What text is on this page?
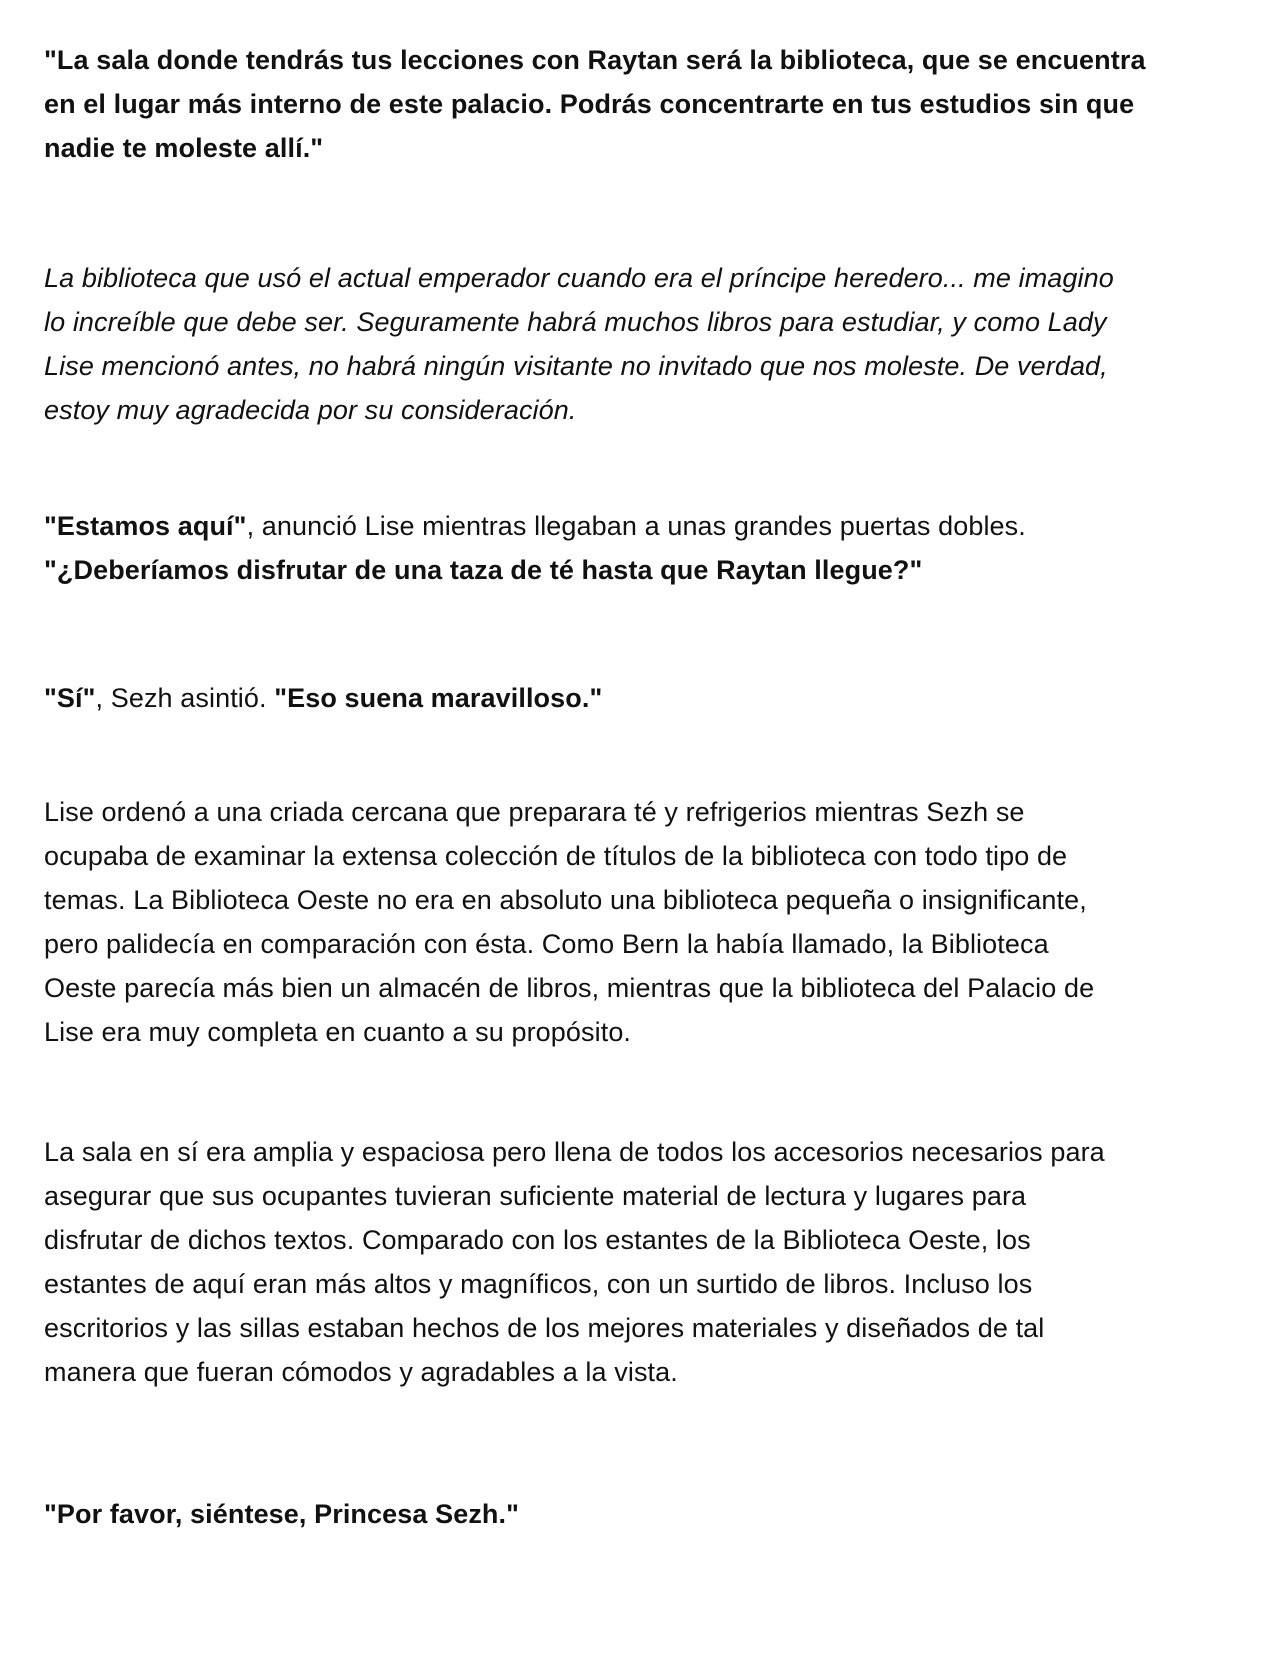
"La sala donde tendrás tus lecciones con Raytan será la biblioteca, que se encuentra
en el lugar más interno de este palacio. Podrás concentrarte en tus estudios sin que
nadie te moleste allí."

La biblioteca que usó el actual emperador cuando era el príncipe heredero... me imagino
lo increíble que debe ser. Seguramente habrá muchos libros para estudiar, y como Lady
Lise mencionó antes, no habrá ningún visitante no invitado que nos moleste. De verdad,
estoy muy agradecida por su consideración.

"Estamos aquí", anunció Lise mientras llegaban a unas grandes puertas dobles.
"¿Deberíamos disfrutar de una taza de té hasta que Raytan llegue?"

"Sí", Sezh asintió. "Eso suena maravilloso."

Lise ordenó a una criada cercana que preparara té y refrigerios mientras Sezh se
ocupaba de examinar la extensa colección de títulos de la biblioteca con todo tipo de
temas. La Biblioteca Oeste no era en absoluto una biblioteca pequeña o insignificante,
pero palidecía en comparación con ésta. Como Bern la había llamado, la Biblioteca
Oeste parecía más bien un almacén de libros, mientras que la biblioteca del Palacio de
Lise era muy completa en cuanto a su propósito.

La sala en sí era amplia y espaciosa pero llena de todos los accesorios necesarios para
asegurar que sus ocupantes tuvieran suficiente material de lectura y lugares para
disfrutar de dichos textos. Comparado con los estantes de la Biblioteca Oeste, los
estantes de aquí eran más altos y magníficos, con un surtido de libros. Incluso los
escritorios y las sillas estaban hechos de los mejores materiales y diseñados de tal
manera que fueran cómodos y agradables a la vista.

"Por favor, siéntese, Princesa Sezh."
